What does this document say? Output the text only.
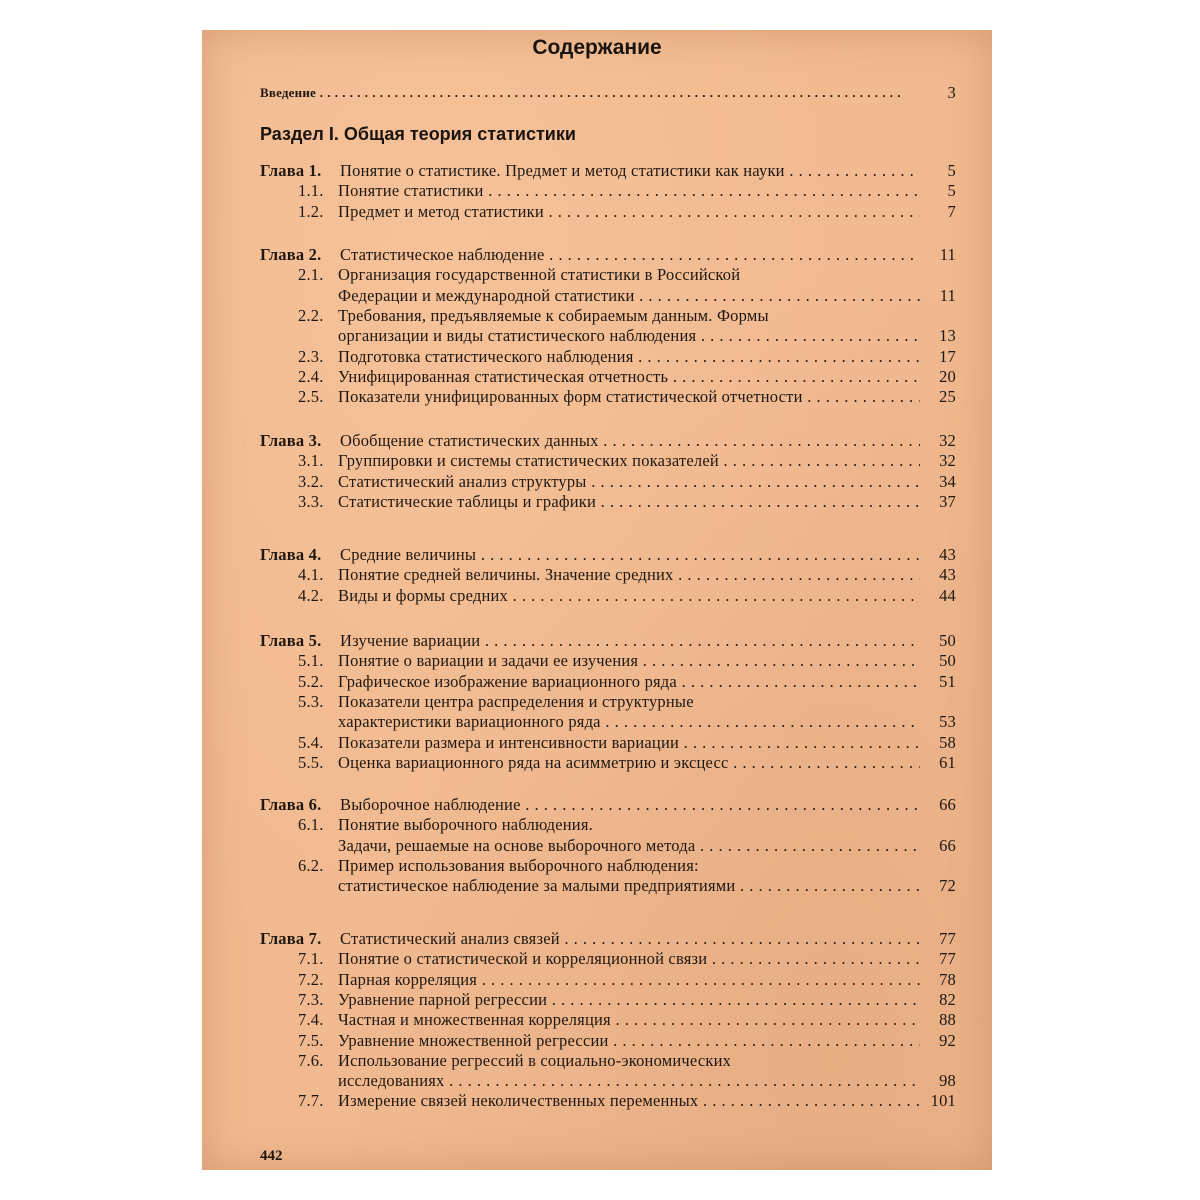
Содержание
Введение . . .	3
Раздел I. Общая теория статистики
Глава 1. Понятие о статистике. Предмет и метод статистики как науки . . .	5
1.1. Понятие статистики . . .	5
1.2. Предмет и метод статистики . . .	7
Глава 2. Статистическое наблюдение . . .	11
2.1. Организация государственной статистики в Российской
Федерации и международной статистики . . .	11
2.2. Требования, предъявляемые к собираемым данным. Формы
организации и виды статистического наблюдения . . .	13
2.3. Подготовка статистического наблюдения . . .	17
2.4. Унифицированная статистическая отчетность . . .	20
2.5. Показатели унифицированных форм статистической отчетности . . .	25
Глава 3. Обобщение статистических данных . . .	32
3.1. Группировки и системы статистических показателей . . .	32
3.2. Статистический анализ структуры . . .	34
3.3. Статистические таблицы и графики . . .	37
Глава 4. Средние величины . . .	43
4.1. Понятие средней величины. Значение средних . . .	43
4.2. Виды и формы средних . . .	44
Глава 5. Изучение вариации . . .	50
5.1. Понятие о вариации и задачи ее изучения . . .	50
5.2. Графическое изображение вариационного ряда . . .	51
5.3. Показатели центра распределения и структурные
характеристики вариационного ряда . . .	53
5.4. Показатели размера и интенсивности вариации . . .	58
5.5. Оценка вариационного ряда на асимметрию и эксцесс . . .	61
Глава 6. Выборочное наблюдение . . .	66
6.1. Понятие выборочного наблюдения.
Задачи, решаемые на основе выборочного метода . . .	66
6.2. Пример использования выборочного наблюдения:
статистическое наблюдение за малыми предприятиями . . .	72
Глава 7. Статистический анализ связей . . .	77
7.1. Понятие о статистической и корреляционной связи . . .	77
7.2. Парная корреляция . . .	78
7.3. Уравнение парной регрессии . . .	82
7.4. Частная и множественная корреляция . . .	88
7.5. Уравнение множественной регрессии . . .	92
7.6. Использование регрессий в социально-экономических
исследованиях . . .	98
7.7. Измерение связей неколичественных переменных . . .	101
442
